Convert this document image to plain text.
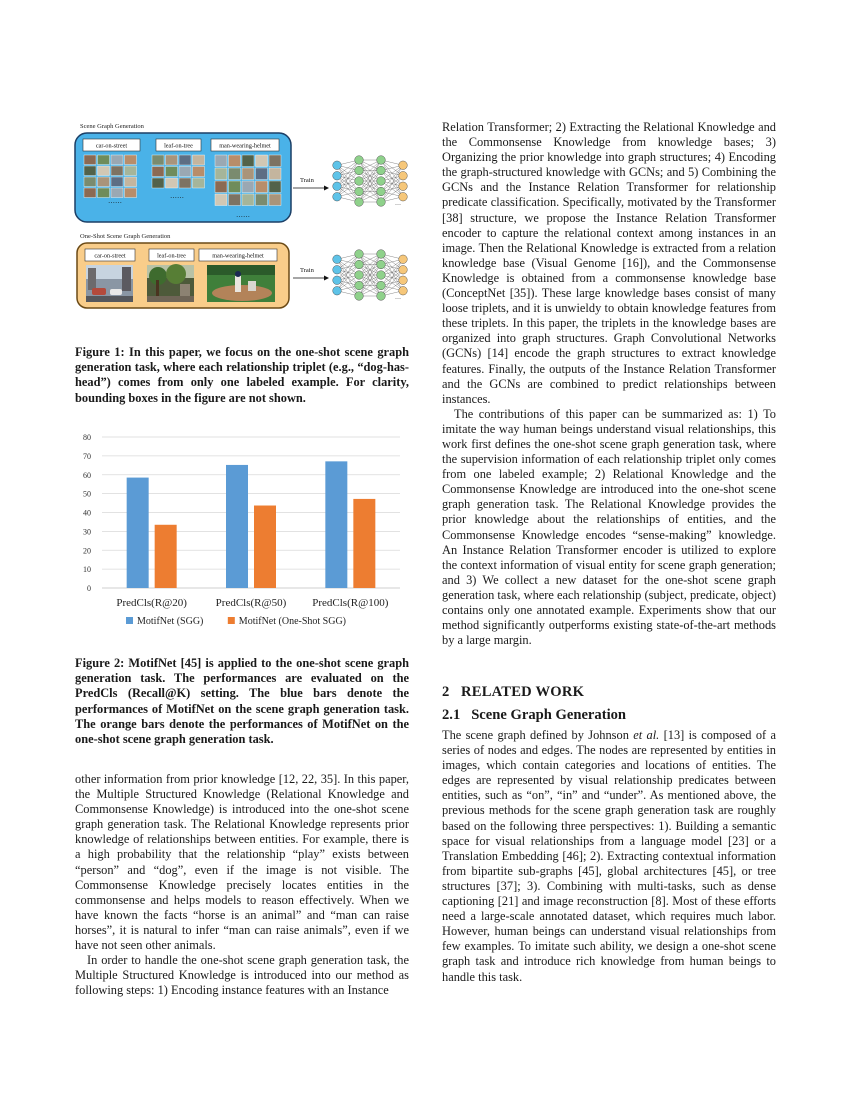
Scene Graph Generation
car-on-street	leaf-on-tree	man-wearing-helmet
……
……
……
Train
…
One-Shot Scene Graph Generation
car-on-street	leaf-on-tree	man-wearing-helmet
Train
…
Figure 1: In this paper, we focus on the one-shot scene graph generation task, where each relationship triplet (e.g., “dog-has-head”) comes from only one labeled example. For clarity, bounding boxes in the figure are not shown.
0
10
20
30
40
50
60
70
80
PredCls(R@20)	PredCls(R@50) PredCls(R@100)
MotifNet (SGG)	MotifNet (One-Shot SGG)
Figure 2: MotifNet [45] is applied to the one-shot scene graph generation task. The performances are evaluated on the PredCls (Recall@K) setting. The blue bars denote the performances of MotifNet on the scene graph generation task. The orange bars denote the performances of MotifNet on the one-shot scene graph generation task.

other information from prior knowledge [12, 22, 35]. In this paper, the Multiple Structured Knowledge (Relational Knowledge and Commonsense Knowledge) is introduced into the one-shot scene graph generation task. The Relational Knowledge represents prior knowledge of relationships between entities. For example, there is a high probability that the relationship “play” exists between “person” and “dog”, even if the image is not visible. The Commonsense Knowledge precisely locates entities in the commonsense and helps models to reason effectively. When we have known the facts “horse is an animal” and “man can raise horses”, it is natural to infer “man can raise animals”, even if we have not seen other animals.

In order to handle the one-shot scene graph generation task, the Multiple Structured Knowledge is introduced into our method as following steps: 1) Encoding instance features with an Instance

Relation Transformer; 2) Extracting the Relational Knowledge and the Commonsense Knowledge from knowledge bases; 3) Organizing the prior knowledge into graph structures; 4) Encoding the graph-structured knowledge with GCNs; and 5) Combining the GCNs and the Instance Relation Transformer for relationship predicate classification. Specifically, motivated by the Transformer [38] structure, we propose the Instance Relation Transformer encoder to capture the relational context among instances in an image. Then the Relational Knowledge is extracted from a relation knowledge base (Visual Genome [16]), and the Commonsense Knowledge is obtained from a commonsense knowledge base (ConceptNet [35]). These large knowledge bases consist of many loose triplets, and it is unwieldy to obtain knowledge features from these triplets. In this paper, the triplets in the knowledge bases are organized into graph structures. Graph Convolutional Networks (GCNs) [14] encode the graph structures to extract knowledge features. Finally, the outputs of the Instance Relation Transformer and the GCNs are combined to predict relationships between instances.

The contributions of this paper can be summarized as: 1) To imitate the way human beings understand visual relationships, this work first defines the one-shot scene graph generation task, where the supervision information of each relationship triplet only comes from one labeled example; 2) Relational Knowledge and the Commonsense Knowledge are introduced into the one-shot scene graph generation task. The Relational Knowledge provides the prior knowledge about the relationships of entities, and the Commonsense Knowledge encodes “sense-making” knowledge. An Instance Relation Transformer encoder is utilized to explore the context information of visual entity for scene graph generation; and 3) We collect a new dataset for the one-shot scene graph generation task, where each relationship (subject, predicate, object) contains only one annotated example. Experiments show that our method significantly outperforms existing state-of-the-art methods by a large margin.

2   RELATED WORK
2.1   Scene Graph Generation

The scene graph defined by Johnson et al. [13] is composed of a series of nodes and edges. The nodes are represented by entities in images, which contain categories and locations of entities. The edges are represented by visual relationship predicates between entities, such as “on”, “in” and “under”. As mentioned above, the previous methods for the scene graph generation task are roughly based on the following three perspectives: 1). Building a semantic space for visual relationships from a language model [23] or a Translation Embedding [46]; 2). Extracting contextual information from bipartite sub-graphs [45], global architectures [45], or tree structures [37]; 3). Combining with multi-tasks, such as dense captioning [21] and image reconstruction [8]. Most of these efforts need a large-scale annotated dataset, which requires much labor. However, human beings can understand visual relationships from few examples. To imitate such ability, we design a one-shot scene graph task and introduce rich knowledge from human beings to handle this task.
